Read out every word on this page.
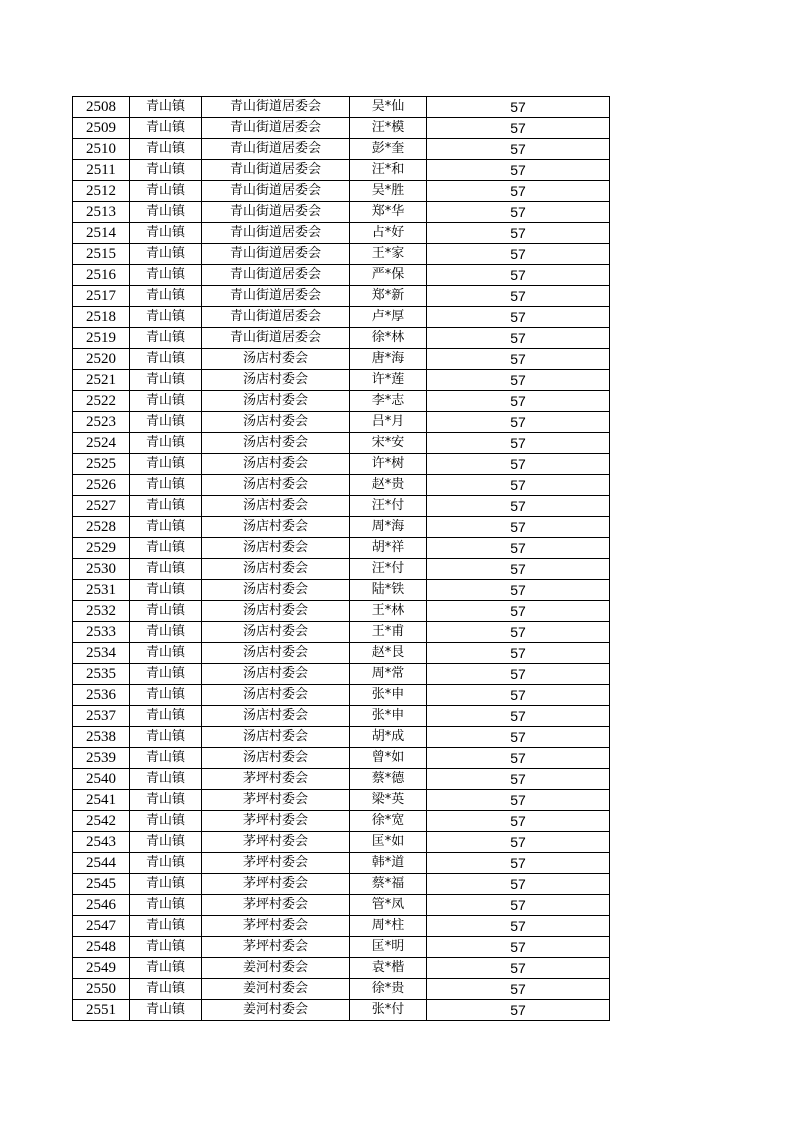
2508	青山镇	青山街道居委会	吴*仙	57
2509	青山镇	青山街道居委会	汪*模	57
2510	青山镇	青山街道居委会	彭*奎	57
2511	青山镇	青山街道居委会	汪*和	57
2512	青山镇	青山街道居委会	吴*胜	57
2513	青山镇	青山街道居委会	郑*华	57
2514	青山镇	青山街道居委会	占*好	57
2515	青山镇	青山街道居委会	王*家	57
2516	青山镇	青山街道居委会	严*保	57
2517	青山镇	青山街道居委会	郑*新	57
2518	青山镇	青山街道居委会	卢*厚	57
2519	青山镇	青山街道居委会	徐*林	57
2520	青山镇	汤店村委会	唐*海	57
2521	青山镇	汤店村委会	许*莲	57
2522	青山镇	汤店村委会	李*志	57
2523	青山镇	汤店村委会	吕*月	57
2524	青山镇	汤店村委会	宋*安	57
2525	青山镇	汤店村委会	许*树	57
2526	青山镇	汤店村委会	赵*贵	57
2527	青山镇	汤店村委会	汪*付	57
2528	青山镇	汤店村委会	周*海	57
2529	青山镇	汤店村委会	胡*祥	57
2530	青山镇	汤店村委会	汪*付	57
2531	青山镇	汤店村委会	陆*铁	57
2532	青山镇	汤店村委会	王*林	57
2533	青山镇	汤店村委会	王*甫	57
2534	青山镇	汤店村委会	赵*艮	57
2535	青山镇	汤店村委会	周*常	57
2536	青山镇	汤店村委会	张*申	57
2537	青山镇	汤店村委会	张*申	57
2538	青山镇	汤店村委会	胡*成	57
2539	青山镇	汤店村委会	曾*如	57
2540	青山镇	茅坪村委会	蔡*德	57
2541	青山镇	茅坪村委会	梁*英	57
2542	青山镇	茅坪村委会	徐*宽	57
2543	青山镇	茅坪村委会	匡*如	57
2544	青山镇	茅坪村委会	韩*道	57
2545	青山镇	茅坪村委会	蔡*福	57
2546	青山镇	茅坪村委会	管*凤	57
2547	青山镇	茅坪村委会	周*柱	57
2548	青山镇	茅坪村委会	匡*明	57
2549	青山镇	姜河村委会	袁*楷	57
2550	青山镇	姜河村委会	徐*贵	57
2551	青山镇	姜河村委会	张*付	57
